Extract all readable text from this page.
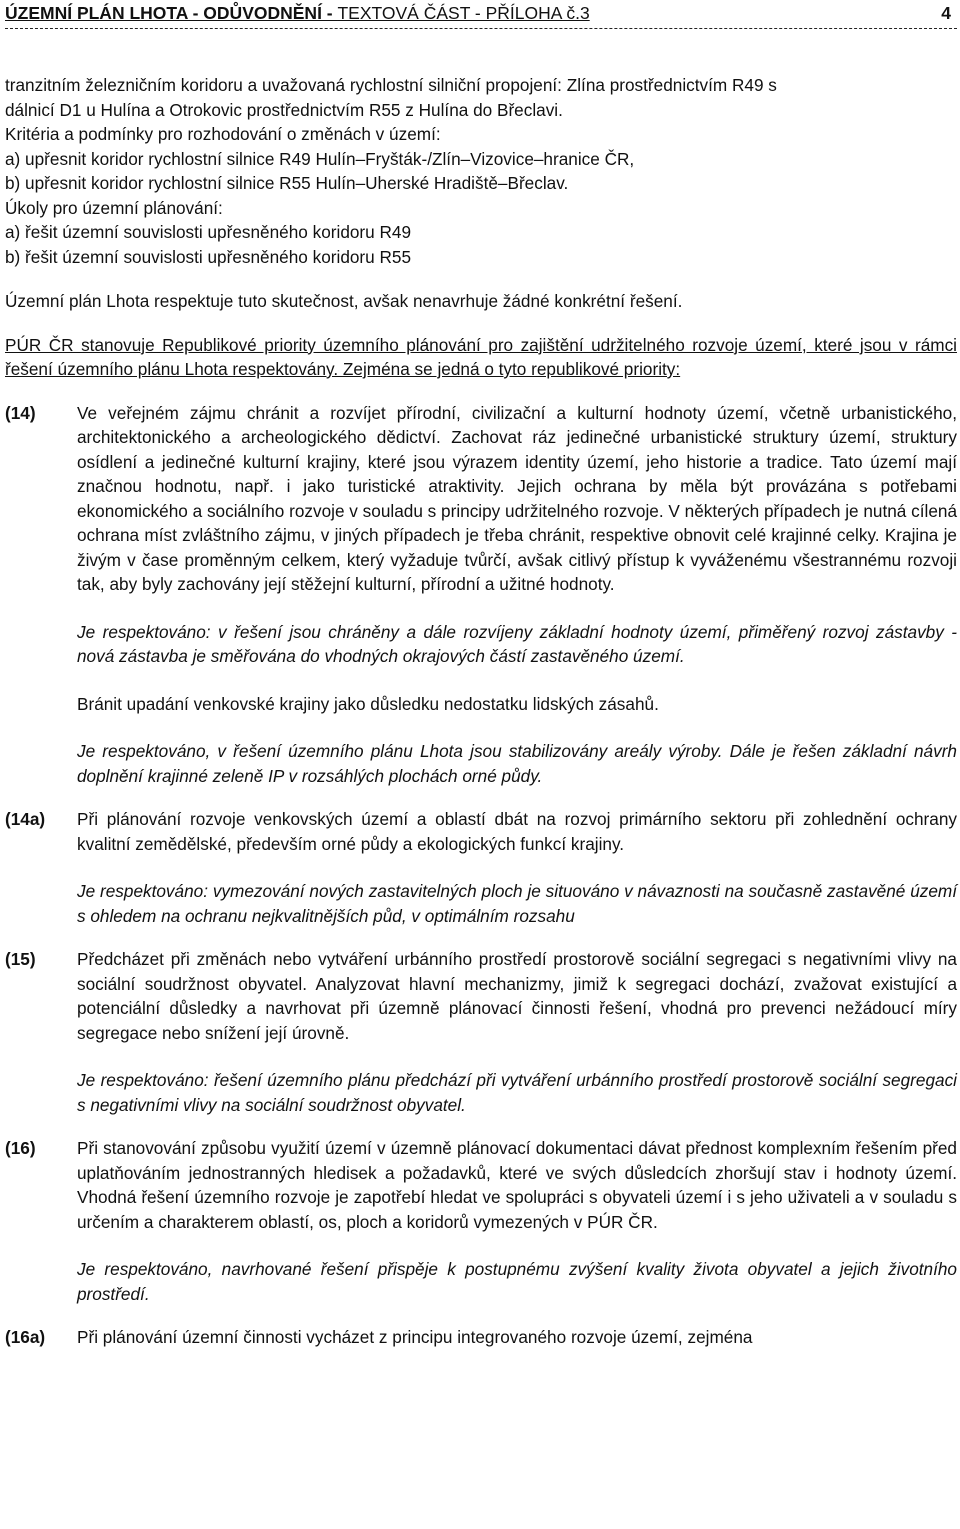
ÚZEMNÍ PLÁN LHOTA - ODŮVODNĚNÍ - TEXTOVÁ ČÁST - PŘÍLOHA č.3	4

tranzitním železničním koridoru a uvažovaná rychlostní silniční propojení: Zlína prostřednictvím R49 s

dálnicí D1 u Hulína a Otrokovic prostřednictvím R55 z Hulína do Břeclavi.

Kritéria a podmínky pro rozhodování o změnách v území:

a) upřesnit koridor rychlostní silnice R49 Hulín–Fryšták-/Zlín–Vizovice–hranice ČR,

b) upřesnit koridor rychlostní silnice R55 Hulín–Uherské Hradiště–Břeclav.

Úkoly pro územní plánování:

a) řešit územní souvislosti upřesněného koridoru R49

b) řešit územní souvislosti upřesněného koridoru R55

Územní plán Lhota respektuje tuto skutečnost, avšak nenavrhuje žádné konkrétní řešení.

PÚR ČR stanovuje Republikové priority územního plánování pro zajištění udržitelného rozvoje území, které jsou v rámci řešení územního plánu Lhota respektovány. Zejména se jedná o tyto republikové priority:

(14)	Ve veřejném zájmu chránit a rozvíjet přírodní, civilizační a kulturní hodnoty území, včetně urbanistického, architektonického a archeologického dědictví. Zachovat ráz jedinečné urbanistické struktury území, struktury osídlení a jedinečné kulturní krajiny, které jsou výrazem identity území, jeho historie a tradice. Tato území mají značnou hodnotu, např. i jako turistické atraktivity. Jejich ochrana by měla být provázána s potřebami ekonomického a sociálního rozvoje v souladu s principy udržitelného rozvoje. V některých případech je nutná cílená ochrana míst zvláštního zájmu, v jiných případech je třeba chránit, respektive obnovit celé krajinné celky. Krajina je živým v čase proměnným celkem, který vyžaduje tvůrčí, avšak citlivý přístup k vyváženému všestrannému rozvoji tak, aby byly zachovány její stěžejní kulturní, přírodní a užitné hodnoty.

Je respektováno: v řešení jsou chráněny a dále rozvíjeny základní hodnoty území, přiměřený rozvoj zástavby - nová zástavba je směřována do vhodných okrajových částí zastavěného území.

Bránit upadání venkovské krajiny jako důsledku nedostatku lidských zásahů.

Je respektováno, v řešení územního plánu Lhota jsou stabilizovány areály výroby. Dále je řešen základní návrh doplnění krajinné zeleně IP v rozsáhlých plochách orné půdy.

(14a)	Při plánování rozvoje venkovských území a oblastí dbát na rozvoj primárního sektoru při zohlednění ochrany kvalitní zemědělské, především orné půdy a ekologických funkcí krajiny.

Je respektováno: vymezování nových zastavitelných ploch je situováno v návaznosti na současně zastavěné území s ohledem na ochranu nejkvalitnějších půd, v optimálním rozsahu

(15)	Předcházet při změnách nebo vytváření urbánního prostředí prostorově sociální segregaci s negativními vlivy na sociální soudržnost obyvatel. Analyzovat hlavní mechanizmy, jimiž k segregaci dochází, zvažovat existující a potenciální důsledky a navrhovat při územně plánovací činnosti řešení, vhodná pro prevenci nežádoucí míry segregace nebo snížení její úrovně.

Je respektováno: řešení územního plánu předchází při vytváření urbánního prostředí prostorově sociální segregaci s negativními vlivy na sociální soudržnost obyvatel.

(16)	Při stanovování způsobu využití území v územně plánovací dokumentaci dávat přednost komplexním řešením před uplatňováním jednostranných hledisek a požadavků, které ve svých důsledcích zhoršují stav i hodnoty území. Vhodná řešení územního rozvoje je zapotřebí hledat ve spolupráci s obyvateli území i s jeho uživateli a v souladu s určením a charakterem oblastí, os, ploch a koridorů vymezených v PÚR ČR.

Je respektováno, navrhované řešení přispěje k postupnému zvýšení kvality života obyvatel a jejich životního prostředí.

(16a)	Při plánování územní činnosti vycházet z principu integrovaného rozvoje území, zejména
